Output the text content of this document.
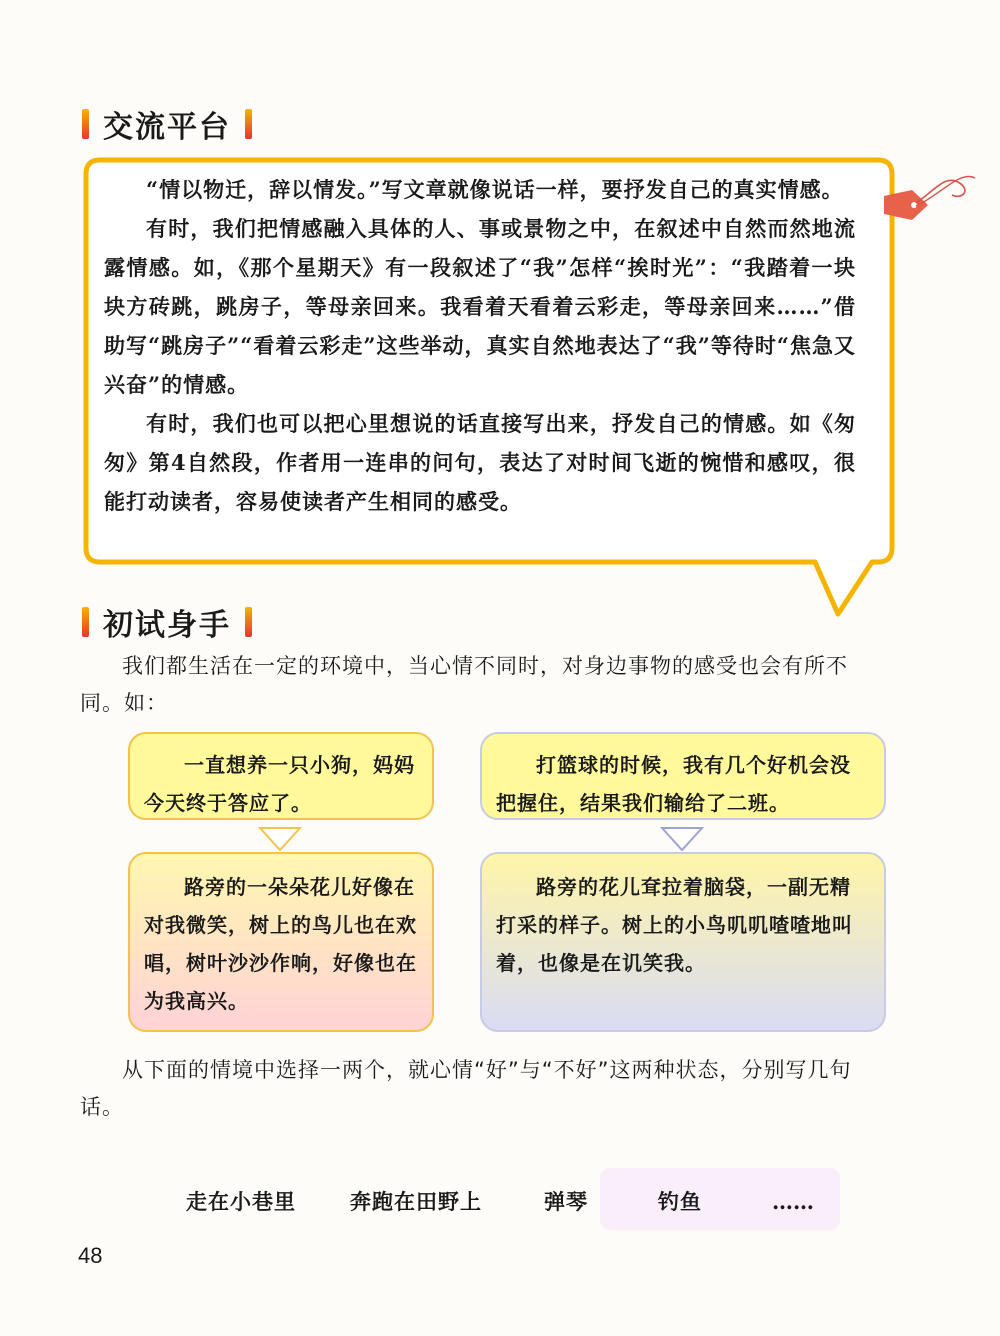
交流平台

“情以物迁，辞以情发。”写文章就像说话一样，要抒发自己的真实情感。

有时，我们把情感融入具体的人、事或景物之中，在叙述中自然而然地流露情感。如，《那个星期天》有一段叙述了“我”怎样“挨时光”：“我踏着一块块方砖跳，跳房子，等母亲回来。我看着天看着云彩走，等母亲回来……”借助写“跳房子”“看着云彩走”这些举动，真实自然地表达了“我”等待时“焦急又兴奋”的情感。

有时，我们也可以把心里想说的话直接写出来，抒发自己的情感。如《匆匆》第4自然段，作者用一连串的问句，表达了对时间飞逝的惋惜和感叹，很能打动读者，容易使读者产生相同的感受。

初试身手

我们都生活在一定的环境中，当心情不同时，对身边事物的感受也会有所不同。如：

一直想养一只小狗，妈妈今天终于答应了。

路旁的一朵朵花儿好像在对我微笑，树上的鸟儿也在欢唱，树叶沙沙作响，好像也在为我高兴。

打篮球的时候，我有几个好机会没把握住，结果我们输给了二班。

路旁的花儿耷拉着脑袋，一副无精打采的样子。树上的小鸟叽叽喳喳地叫着，也像是在讥笑我。

从下面的情境中选择一两个，就心情“好”与“不好”这两种状态，分别写几句话。

走在小巷里	奔跑在田野上	弹琴	钓鱼	……
48
